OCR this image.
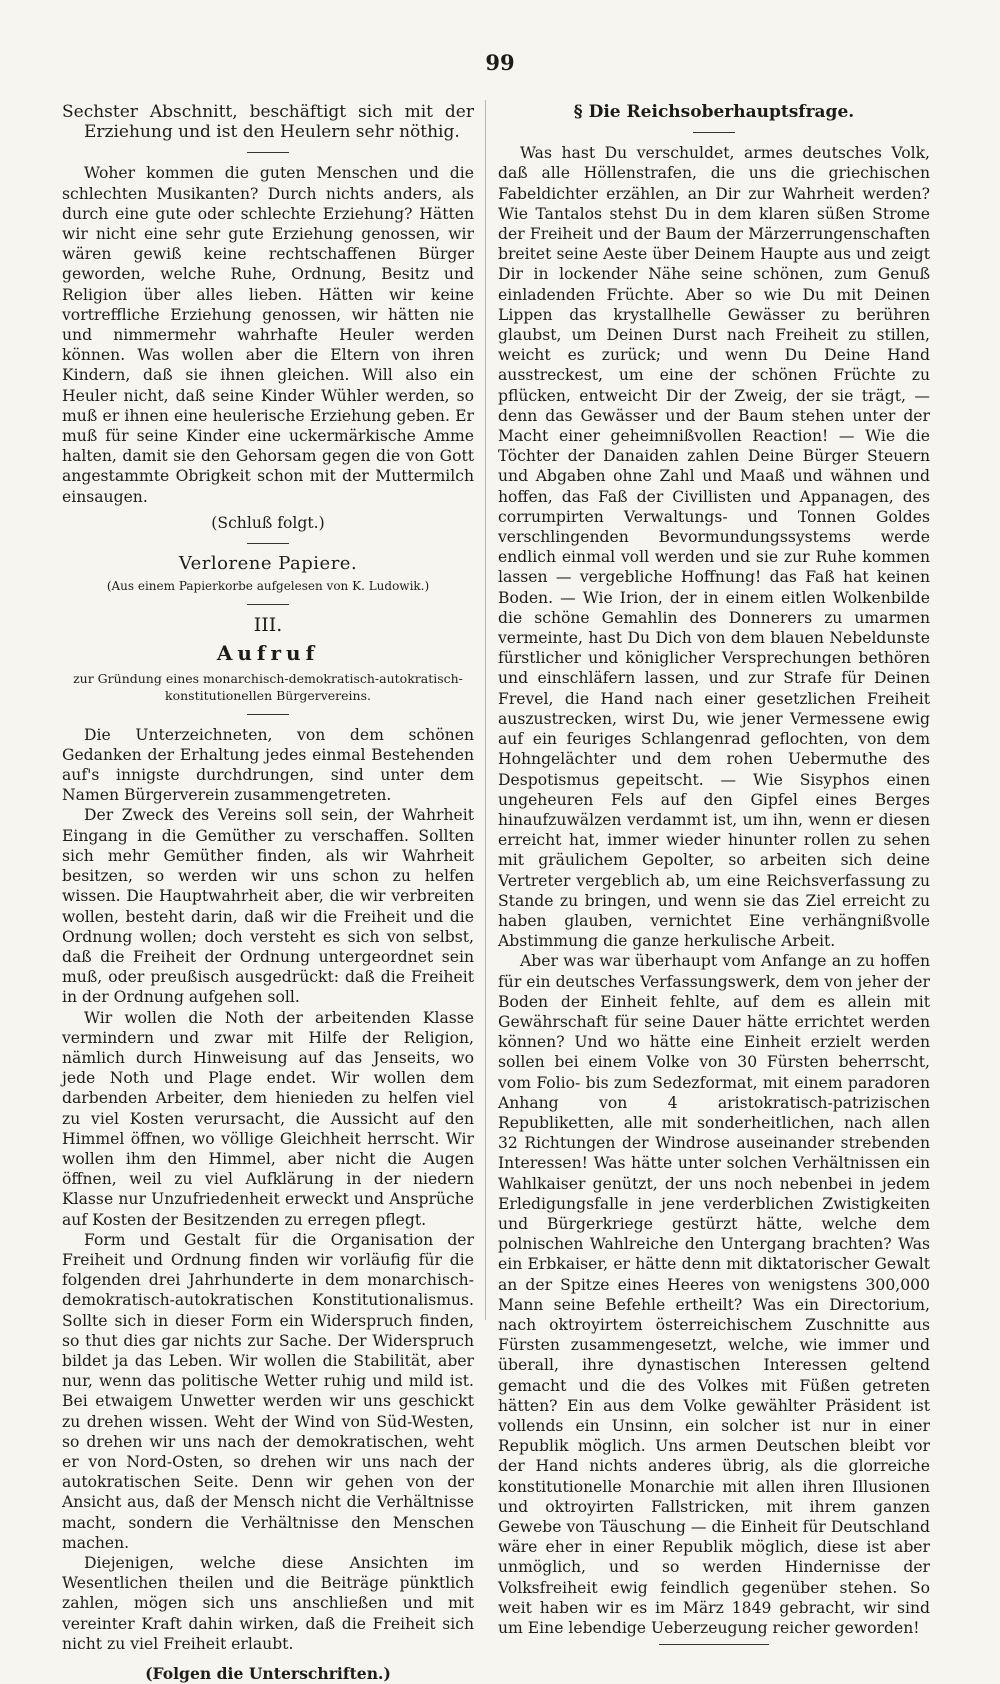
99

Sechster Abschnitt, beschäftigt sich mit der Erziehung und ist den Heulern sehr nöthig.

Woher kommen die guten Menschen und die schlechten Musikanten? Durch nichts anders, als durch eine gute oder schlechte Erziehung? Hätten wir nicht eine sehr gute Erziehung genossen, wir wären gewiß keine rechtschaffenen Bürger geworden, welche Ruhe, Ordnung, Besitz und Religion über alles lieben. Hätten wir keine vortreffliche Erziehung genossen, wir hätten nie und nimmermehr wahrhafte Heuler werden können. Was wollen aber die Eltern von ihren Kindern, daß sie ihnen gleichen. Will also ein Heuler nicht, daß seine Kinder Wühler werden, so muß er ihnen eine heulerische Erziehung geben. Er muß für seine Kinder eine uckermärkische Amme halten, damit sie den Gehorsam gegen die von Gott angestammte Obrigkeit schon mit der Muttermilch einsaugen.

(Schluß folgt.)

Verlorene Papiere.

(Aus einem Papierkorbe aufgelesen von K. Ludowik.)

III.

Aufruf

zur Gründung eines monarchisch-demokratisch-autokratisch-konstitutionellen Bürgervereins.

Die Unterzeichneten, von dem schönen Gedanken der Erhaltung jedes einmal Bestehenden auf's innigste durchdrungen, sind unter dem Namen Bürgerverein zusammengetreten.

Der Zweck des Vereins soll sein, der Wahrheit Eingang in die Gemüther zu verschaffen. Sollten sich mehr Gemüther finden, als wir Wahrheit besitzen, so werden wir uns schon zu helfen wissen. Die Hauptwahrheit aber, die wir verbreiten wollen, besteht darin, daß wir die Freiheit und die Ordnung wollen; doch versteht es sich von selbst, daß die Freiheit der Ordnung untergeordnet sein muß, oder preußisch ausgedrückt: daß die Freiheit in der Ordnung aufgehen soll.

Wir wollen die Noth der arbeitenden Klasse vermindern und zwar mit Hilfe der Religion, nämlich durch Hinweisung auf das Jenseits, wo jede Noth und Plage endet. Wir wollen dem darbenden Arbeiter, dem hienieden zu helfen viel zu viel Kosten verursacht, die Aussicht auf den Himmel öffnen, wo völlige Gleichheit herrscht. Wir wollen ihm den Himmel, aber nicht die Augen öffnen, weil zu viel Aufklärung in der niedern Klasse nur Unzufriedenheit erweckt und Ansprüche auf Kosten der Besitzenden zu erregen pflegt.

Form und Gestalt für die Organisation der Freiheit und Ordnung finden wir vorläufig für die folgenden drei Jahrhunderte in dem monarchisch-demokratisch-autokratischen Konstitutionalismus. Sollte sich in dieser Form ein Widerspruch finden, so thut dies gar nichts zur Sache. Der Widerspruch bildet ja das Leben. Wir wollen die Stabilität, aber nur, wenn das politische Wetter ruhig und mild ist. Bei etwaigem Unwetter werden wir uns geschickt zu drehen wissen. Weht der Wind von Süd-Westen, so drehen wir uns nach der demokratischen, weht er von Nord-Osten, so drehen wir uns nach der autokratischen Seite. Denn wir gehen von der Ansicht aus, daß der Mensch nicht die Verhältnisse macht, sondern die Verhältnisse den Menschen machen.

Diejenigen, welche diese Ansichten im Wesentlichen theilen und die Beiträge pünktlich zahlen, mögen sich uns anschließen und mit vereinter Kraft dahin wirken, daß die Freiheit sich nicht zu viel Freiheit erlaubt.

(Folgen die Unterschriften.)

§ Die Reichsoberhauptsfrage.

Was hast Du verschuldet, armes deutsches Volk, daß alle Höllenstrafen, die uns die griechischen Fabeldichter erzählen, an Dir zur Wahrheit werden? Wie Tantalos stehst Du in dem klaren süßen Strome der Freiheit und der Baum der Märzerrungenschaften breitet seine Aeste über Deinem Haupte aus und zeigt Dir in lockender Nähe seine schönen, zum Genuß einladenden Früchte. Aber so wie Du mit Deinen Lippen das krystallhelle Gewässer zu berühren glaubst, um Deinen Durst nach Freiheit zu stillen, weicht es zurück; und wenn Du Deine Hand ausstreckest, um eine der schönen Früchte zu pflücken, entweicht Dir der Zweig, der sie trägt, — denn das Gewässer und der Baum stehen unter der Macht einer geheimnißvollen Reaction! — Wie die Töchter der Danaiden zahlen Deine Bürger Steuern und Abgaben ohne Zahl und Maaß und wähnen und hoffen, das Faß der Civillisten und Appanagen, des corrumpirten Verwaltungs- und Tonnen Goldes verschlingenden Bevormundungssystems werde endlich einmal voll werden und sie zur Ruhe kommen lassen — vergebliche Hoffnung! das Faß hat keinen Boden. — Wie Irion, der in einem eitlen Wolkenbilde die schöne Gemahlin des Donnerers zu umarmen vermeinte, hast Du Dich von dem blauen Nebeldunste fürstlicher und königlicher Versprechungen bethören und einschläfern lassen, und zur Strafe für Deinen Frevel, die Hand nach einer gesetzlichen Freiheit auszustrecken, wirst Du, wie jener Vermessene ewig auf ein feuriges Schlangenrad geflochten, von dem Hohngelächter und dem rohen Uebermuthe des Despotismus gepeitscht. — Wie Sisyphos einen ungeheuren Fels auf den Gipfel eines Berges hinaufzuwälzen verdammt ist, um ihn, wenn er diesen erreicht hat, immer wieder hinunter rollen zu sehen mit gräulichem Gepolter, so arbeiten sich deine Vertreter vergeblich ab, um eine Reichsverfassung zu Stande zu bringen, und wenn sie das Ziel erreicht zu haben glauben, vernichtet Eine verhängnißvolle Abstimmung die ganze herkulische Arbeit.

Aber was war überhaupt vom Anfange an zu hoffen für ein deutsches Verfassungswerk, dem von jeher der Boden der Einheit fehlte, auf dem es allein mit Gewährschaft für seine Dauer hätte errichtet werden können? Und wo hätte eine Einheit erzielt werden sollen bei einem Volke von 30 Fürsten beherrscht, vom Folio- bis zum Sedezformat, mit einem paradoren Anhang von 4 aristokratisch-patrizischen Republiketten, alle mit sonderheitlichen, nach allen 32 Richtungen der Windrose auseinander strebenden Interessen! Was hätte unter solchen Verhältnissen ein Wahlkaiser genützt, der uns noch nebenbei in jedem Erledigungsfalle in jene verderblichen Zwistigkeiten und Bürgerkriege gestürzt hätte, welche dem polnischen Wahlreiche den Untergang brachten? Was ein Erbkaiser, er hätte denn mit diktatorischer Gewalt an der Spitze eines Heeres von wenigstens 300,000 Mann seine Befehle ertheilt? Was ein Directorium, nach oktroyirtem österreichischem Zuschnitte aus Fürsten zusammengesetzt, welche, wie immer und überall, ihre dynastischen Interessen geltend gemacht und die des Volkes mit Füßen getreten hätten? Ein aus dem Volke gewählter Präsident ist vollends ein Unsinn, ein solcher ist nur in einer Republik möglich. Uns armen Deutschen bleibt vor der Hand nichts anderes übrig, als die glorreiche konstitutionelle Monarchie mit allen ihren Illusionen und oktroyirten Fallstricken, mit ihrem ganzen Gewebe von Täuschung — die Einheit für Deutschland wäre eher in einer Republik möglich, diese ist aber unmöglich, und so werden Hindernisse der Volksfreiheit ewig feindlich gegenüber stehen. So weit haben wir es im März 1849 gebracht, wir sind um Eine lebendige Ueberzeugung reicher geworden!
